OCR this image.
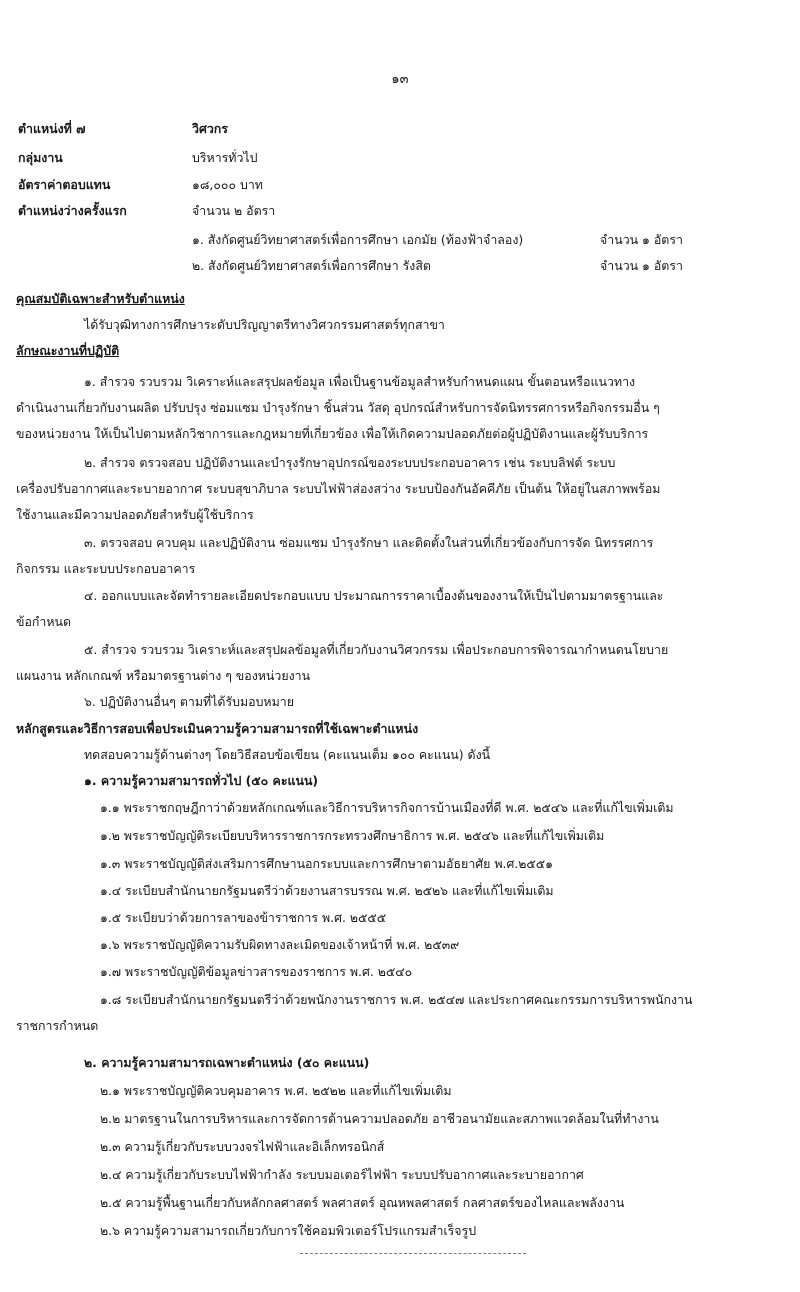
๑๓
ตำแหน่งที่ ๗	วิศวกร
กลุ่มงาน	บริหารทั่วไป
อัตราค่าตอบแทน	๑๘,๐๐๐ บาท
ตำแหน่งว่างครั้งแรก	จำนวน ๒ อัตรา
๑. สังกัดศูนย์วิทยาศาสตร์เพื่อการศึกษา เอกมัย (ท้องฟ้าจำลอง)	จำนวน ๑ อัตรา
๒. สังกัดศูนย์วิทยาศาสตร์เพื่อการศึกษา รังสิต	จำนวน ๑ อัตรา
คุณสมบัติเฉพาะสำหรับตำแหน่ง
ได้รับวุฒิทางการศึกษาระดับปริญญาตรีทางวิศวกรรมศาสตร์ทุกสาขา
ลักษณะงานที่ปฏิบัติ
๑. สำรวจ รวบรวม วิเคราะห์และสรุปผลข้อมูล เพื่อเป็นฐานข้อมูลสำหรับกำหนดแผน ขั้นตอนหรือแนวทาง
ดำเนินงานเกี่ยวกับงานผลิต ปรับปรุง ซ่อมแซม บำรุงรักษา ชิ้นส่วน วัสดุ อุปกรณ์สำหรับการจัดนิทรรศการหรือกิจกรรมอื่น ๆ
ของหน่วยงาน ให้เป็นไปตามหลักวิชาการและกฎหมายที่เกี่ยวข้อง เพื่อให้เกิดความปลอดภัยต่อผู้ปฏิบัติงานและผู้รับบริการ
๒. สำรวจ ตรวจสอบ ปฏิบัติงานและบำรุงรักษาอุปกรณ์ของระบบประกอบอาคาร เช่น ระบบลิฟต์ ระบบ
เครื่องปรับอากาศและระบายอากาศ ระบบสุขาภิบาล ระบบไฟฟ้าส่องสว่าง ระบบป้องกันอัคคีภัย เป็นต้น ให้อยู่ในสภาพพร้อม
ใช้งานและมีความปลอดภัยสำหรับผู้ใช้บริการ
๓. ตรวจสอบ ควบคุม และปฏิบัติงาน ซ่อมแซม บำรุงรักษา และติดตั้งในส่วนที่เกี่ยวข้องกับการจัด นิทรรศการ
กิจกรรม และระบบประกอบอาคาร
๔. ออกแบบและจัดทำรายละเอียดประกอบแบบ ประมาณการราคาเบื้องต้นของงานให้เป็นไปตามมาตรฐานและ
ข้อกำหนด
๕. สำรวจ รวบรวม วิเคราะห์และสรุปผลข้อมูลที่เกี่ยวกับงานวิศวกรรม เพื่อประกอบการพิจารณากำหนดนโยบาย
แผนงาน หลักเกณฑ์ หรือมาตรฐานต่าง ๆ ของหน่วยงาน
๖. ปฏิบัติงานอื่นๆ ตามที่ได้รับมอบหมาย
หลักสูตรและวิธีการสอบเพื่อประเมินความรู้ความสามารถที่ใช้เฉพาะตำแหน่ง
ทดสอบความรู้ด้านต่างๆ โดยวิธีสอบข้อเขียน (คะแนนเต็ม ๑๐๐ คะแนน) ดังนี้
๑. ความรู้ความสามารถทั่วไป (๕๐ คะแนน)
๑.๑ พระราชกฤษฎีกาว่าด้วยหลักเกณฑ์และวิธีการบริหารกิจการบ้านเมืองที่ดี พ.ศ. ๒๕๔๖ และที่แก้ไขเพิ่มเติม
๑.๒ พระราชบัญญัติระเบียบบริหารราชการกระทรวงศึกษาธิการ พ.ศ. ๒๕๔๖ และที่แก้ไขเพิ่มเติม
๑.๓ พระราชบัญญัติส่งเสริมการศึกษานอกระบบและการศึกษาตามอัธยาศัย พ.ศ.๒๕๕๑
๑.๔ ระเบียบสำนักนายกรัฐมนตรีว่าด้วยงานสารบรรณ พ.ศ. ๒๕๒๖ และที่แก้ไขเพิ่มเติม
๑.๕ ระเบียบว่าด้วยการลาของข้าราชการ พ.ศ. ๒๕๕๕
๑.๖ พระราชบัญญัติความรับผิดทางละเมิดของเจ้าหน้าที่ พ.ศ. ๒๕๓๙
๑.๗ พระราชบัญญัติข้อมูลข่าวสารของราชการ พ.ศ. ๒๕๔๐
๑.๘ ระเบียบสำนักนายกรัฐมนตรีว่าด้วยพนักงานราชการ พ.ศ. ๒๕๔๗ และประกาศคณะกรรมการบริหารพนักงาน
ราชการกำหนด
๒. ความรู้ความสามารถเฉพาะตำแหน่ง (๕๐ คะแนน)
๒.๑ พระราชบัญญัติควบคุมอาคาร พ.ศ. ๒๕๒๒ และที่แก้ไขเพิ่มเติม
๒.๒ มาตรฐานในการบริหารและการจัดการด้านความปลอดภัย อาชีวอนามัยและสภาพแวดล้อมในที่ทำงาน
๒.๓ ความรู้เกี่ยวกับระบบวงจรไฟฟ้าและอิเล็กทรอนิกส์
๒.๔ ความรู้เกี่ยวกับระบบไฟฟ้ากำลัง ระบบมอเตอร์ไฟฟ้า ระบบปรับอากาศและระบายอากาศ
๒.๕ ความรู้พื้นฐานเกี่ยวกับหลักกลศาสตร์ พลศาสตร์ อุณหพลศาสตร์ กลศาสตร์ของไหลและพลังงาน
๒.๖ ความรู้ความสามารถเกี่ยวกับการใช้คอมพิวเตอร์โปรแกรมสำเร็จรูป
